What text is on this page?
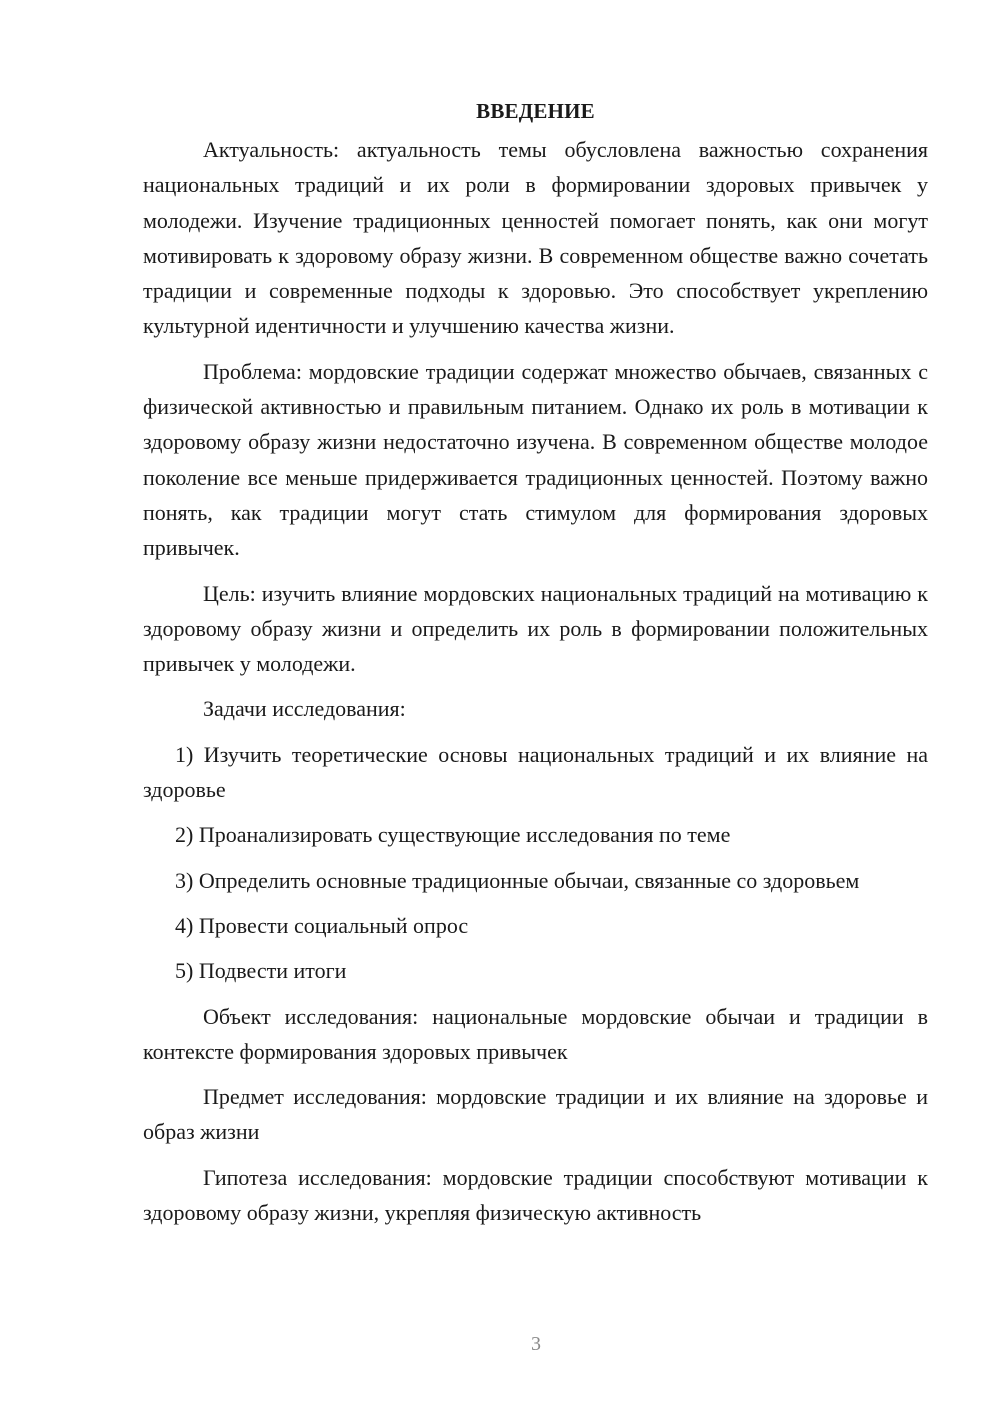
ВВЕДЕНИЕ

Актуальность: актуальность темы обусловлена важностью сохранения национальных традиций и их роли в формировании здоровых привычек у молодежи. Изучение традиционных ценностей помогает понять, как они могут мотивировать к здоровому образу жизни. В современном обществе важно сочетать традиции и современные подходы к здоровью. Это способствует укреплению культурной идентичности и улучшению качества жизни.

Проблема: мордовские традиции содержат множество обычаев, связанных с физической активностью и правильным питанием. Однако их роль в мотивации к здоровому образу жизни недостаточно изучена. В современном обществе молодое поколение все меньше придерживается традиционных ценностей. Поэтому важно понять, как традиции могут стать стимулом для формирования здоровых привычек.

Цель: изучить влияние мордовских национальных традиций на мотивацию к здоровому образу жизни и определить их роль в формировании положительных привычек у молодежи.

Задачи исследования:

1) Изучить теоретические основы национальных традиций и их влияние на здоровье

2) Проанализировать существующие исследования по теме

3) Определить основные традиционные обычаи, связанные со здоровьем

4) Провести социальный опрос

5) Подвести итоги

Объект исследования: национальные мордовские обычаи и традиции в контексте формирования здоровых привычек

Предмет исследования: мордовские традиции и их влияние на здоровье и образ жизни

Гипотеза исследования: мордовские традиции способствуют мотивации к здоровому образу жизни, укрепляя физическую активность

3
